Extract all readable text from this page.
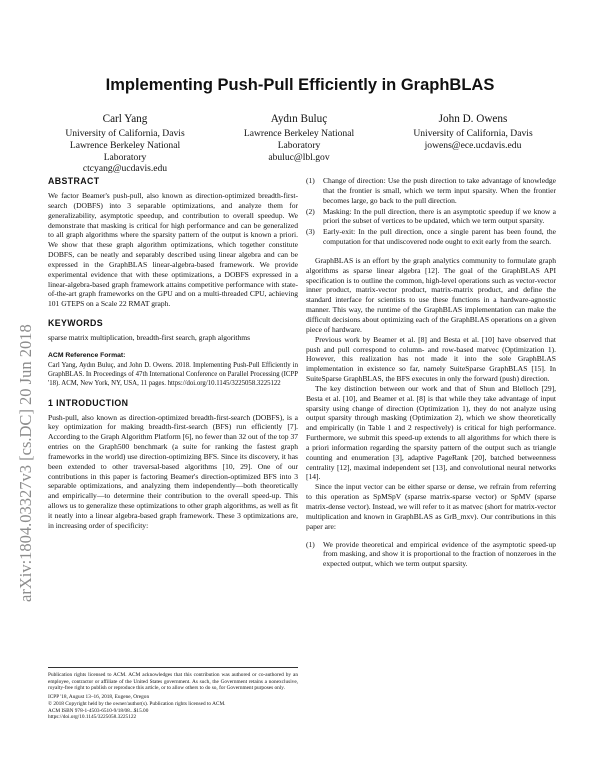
arXiv:1804.03327v3 [cs.DC] 20 Jun 2018
Implementing Push-Pull Efficiently in GraphBLAS
Carl Yang
University of California, Davis
Lawrence Berkeley National
Laboratory
ctcyang@ucdavis.edu
Aydın Buluç
Lawrence Berkeley National
Laboratory
abuluc@lbl.gov
John D. Owens
University of California, Davis
jowens@ece.ucdavis.edu
ABSTRACT

We factor Beamer's push-pull, also known as direction-optimized breadth-first-search (DOBFS) into 3 separable optimizations, and analyze them for generalizability, asymptotic speedup, and contribution to overall speedup. We demonstrate that masking is critical for high performance and can be generalized to all graph algorithms where the sparsity pattern of the output is known a priori. We show that these graph algorithm optimizations, which together constitute DOBFS, can be neatly and separably described using linear algebra and can be expressed in the GraphBLAS linear-algebra-based framework. We provide experimental evidence that with these optimizations, a DOBFS expressed in a linear-algebra-based graph framework attains competitive performance with state-of-the-art graph frameworks on the GPU and on a multi-threaded CPU, achieving 101 GTEPS on a Scale 22 RMAT graph.

KEYWORDS

sparse matrix multiplication, breadth-first search, graph algorithms

ACM Reference Format:

Carl Yang, Aydın Buluç, and John D. Owens. 2018. Implementing Push-Pull Efficiently in GraphBLAS. In Proceedings of 47th International Conference on Parallel Processing (ICPP '18). ACM, New York, NY, USA, 11 pages. https://doi.org/10.1145/3225058.3225122

1 INTRODUCTION

Push-pull, also known as direction-optimized breadth-first-search (DOBFS), is a key optimization for making breadth-first-search (BFS) run efficiently [7]. According to the Graph Algorithm Platform [6], no fewer than 32 out of the top 37 entries on the Graph500 benchmark (a suite for ranking the fastest graph frameworks in the world) use direction-optimizing BFS. Since its discovery, it has been extended to other traversal-based algorithms [10, 29]. One of our contributions in this paper is factoring Beamer's direction-optimized BFS into 3 separable optimizations, and analyzing them independently—both theoretically and empirically—to determine their contribution to the overall speed-up. This allows us to generalize these optimizations to other graph algorithms, as well as fit it neatly into a linear algebra-based graph framework. These 3 optimizations are, in increasing order of specificity:

Publication rights licensed to ACM. ACM acknowledges that this contribution was authored or co-authored by an employee, contractor or affiliate of the United States government. As such, the Government retains a nonexclusive, royalty-free right to publish or reproduce this article, or to allow others to do so, for Government purposes only.

ICPP '18, August 13–16, 2018, Eugene, Oregon

© 2018 Copyright held by the owner/author(s). Publication rights licensed to ACM.

ACM ISBN 978-1-4503-6510-9/18/08...$15.00

https://doi.org/10.1145/3225058.3225122

(1) Change of direction: Use the push direction to take advantage of knowledge that the frontier is small, which we term input sparsity. When the frontier becomes large, go back to the pull direction.
(2) Masking: In the pull direction, there is an asymptotic speedup if we know a priori the subset of vertices to be updated, which we term output sparsity.
(3) Early-exit: In the pull direction, once a single parent has been found, the computation for that undiscovered node ought to exit early from the search.

GraphBLAS is an effort by the graph analytics community to formulate graph algorithms as sparse linear algebra [12]. The goal of the GraphBLAS API specification is to outline the common, high-level operations such as vector-vector inner product, matrix-vector product, matrix-matrix product, and define the standard interface for scientists to use these functions in a hardware-agnostic manner. This way, the runtime of the GraphBLAS implementation can make the difficult decisions about optimizing each of the GraphBLAS operations on a given piece of hardware.

Previous work by Beamer et al. [8] and Besta et al. [10] have observed that push and pull correspond to column- and row-based matvec (Optimization 1). However, this realization has not made it into the sole GraphBLAS implementation in existence so far, namely SuiteSparse GraphBLAS [15]. In SuiteSparse GraphBLAS, the BFS executes in only the forward (push) direction.

The key distinction between our work and that of Shun and Blelloch [29], Besta et al. [10], and Beamer et al. [8] is that while they take advantage of input sparsity using change of direction (Optimization 1), they do not analyze using output sparsity through masking (Optimization 2), which we show theoretically and empirically (in Table 1 and 2 respectively) is critical for high performance. Furthermore, we submit this speed-up extends to all algorithms for which there is a priori information regarding the sparsity pattern of the output such as triangle counting and enumeration [3], adaptive PageRank [20], batched betweenness centrality [12], maximal independent set [13], and convolutional neural networks [14].

Since the input vector can be either sparse or dense, we refrain from referring to this operation as SpMSpV (sparse matrix-sparse vector) or SpMV (sparse matrix-dense vector). Instead, we will refer to it as matvec (short for matrix-vector multiplication and known in GraphBLAS as GrB_mxv). Our contributions in this paper are:

(1) We provide theoretical and empirical evidence of the asymptotic speed-up from masking, and show it is proportional to the fraction of nonzeroes in the expected output, which we term output sparsity.
